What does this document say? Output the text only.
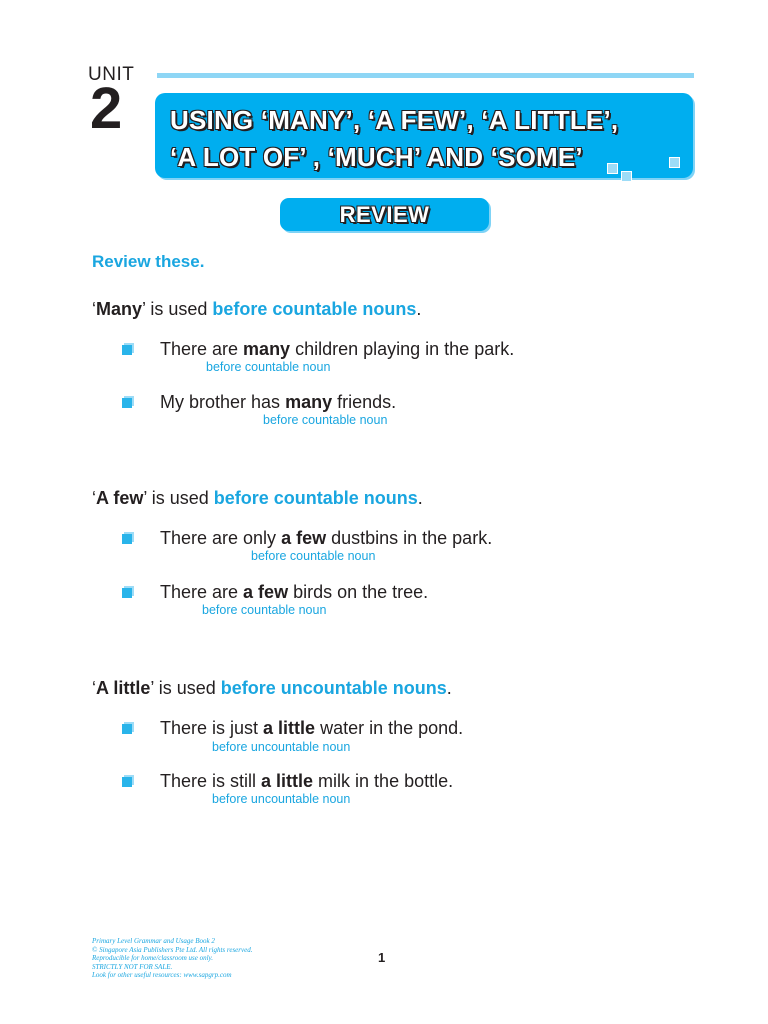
UNIT
2 USING ‘MANY’, ‘A FEW’, ‘A LITTLE’,
‘A LOT OF’ , ‘MUCH’ AND ‘SOME’
REVIEW
Review these.
‘Many’ is used before countable nouns.
There are many children playing in the park.
before countable noun
My brother has many friends.
before countable noun
‘A few’ is used before countable nouns.
There are only a few dustbins in the park.
before countable noun
There are a few birds on the tree.
before countable noun
‘A little’ is used before uncountable nouns.
There is just a little water in the pond.
before uncountable noun
There is still a little milk in the bottle.
before uncountable noun
Primary Level Grammar and Usage Book 2
© Singapore Asia Publishers Pte Ltd. All rights reserved.
Reproducible for home/classroom use only.
STRICTLY NOT FOR SALE.
Look for other useful resources: www.sapgrp.com
1
